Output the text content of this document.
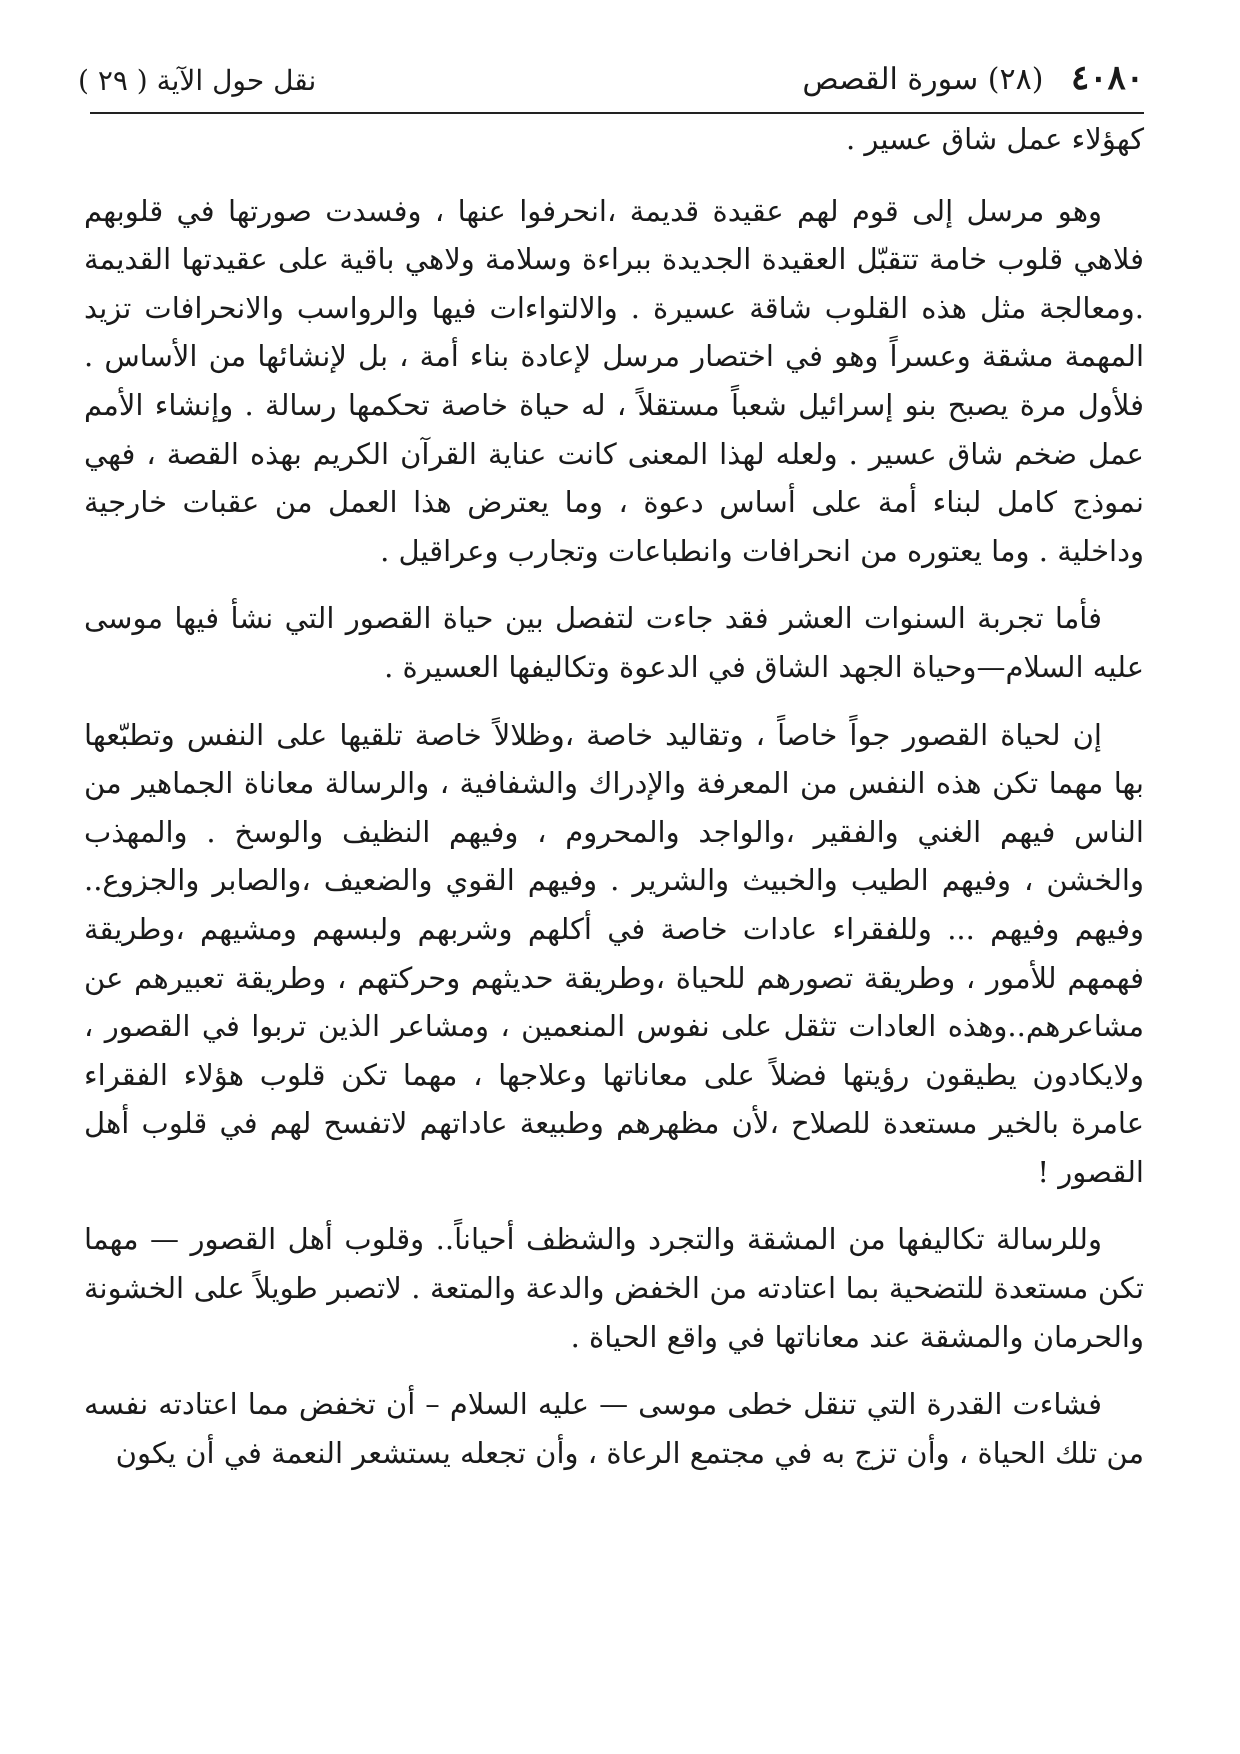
٤٠٨٠ (٢٨) سورة القصص
نقل حول الآية ( ٢٩ )

كهؤلاء عمل شاق عسير .

وهو مرسل إلى قوم لهم عقيدة قديمة ،انحرفوا عنها ، وفسدت صورتها في قلوبهم فلاهي قلوب خامة تتقبّل العقيدة الجديدة ببراءة وسلامة ولاهي باقية على عقيدتها القديمة .ومعالجة مثل هذه القلوب شاقة عسيرة . والالتواءات فيها والرواسب والانحرافات تزيد المهمة مشقة وعسراً وهو في اختصار مرسل لإعادة بناء أمة ، بل لإنشائها من الأساس . فلأول مرة يصبح بنو إسرائيل شعباً مستقلاً ، له حياة خاصة تحكمها رسالة . وإنشاء الأمم عمل ضخم شاق عسير . ولعله لهذا المعنى كانت عناية القرآن الكريم بهذه القصة ، فهي نموذج كامل لبناء أمة على أساس دعوة ، وما يعترض هذا العمل من عقبات خارجية وداخلية . وما يعتوره من انحرافات وانطباعات وتجارب وعراقيل .

فأما تجربة السنوات العشر فقد جاءت لتفصل بين حياة القصور التي نشأ فيها موسى عليه السلام—وحياة الجهد الشاق في الدعوة وتكاليفها العسيرة .

إن لحياة القصور جواً خاصاً ، وتقاليد خاصة ،وظلالاً خاصة تلقيها على النفس وتطبّعها بها مهما تكن هذه النفس من المعرفة والإدراك والشفافية ، والرسالة معاناة الجماهير من الناس فيهم الغني والفقير ،والواجد والمحروم ، وفيهم النظيف والوسخ . والمهذب والخشن ، وفيهم الطيب والخبيث والشرير . وفيهم القوي والضعيف ،والصابر والجزوع.. وفيهم وفيهم ... وللفقراء عادات خاصة في أكلهم وشربهم ولبسهم ومشيهم ،وطريقة فهمهم للأمور ، وطريقة تصورهم للحياة ،وطريقة حديثهم وحركتهم ، وطريقة تعبيرهم عن مشاعرهم..وهذه العادات تثقل على نفوس المنعمين ، ومشاعر الذين تربوا في القصور ، ولايكادون يطيقون رؤيتها فضلاً على معاناتها وعلاجها ، مهما تكن قلوب هؤلاء الفقراء عامرة بالخير مستعدة للصلاح ،لأن مظهرهم وطبيعة عاداتهم لاتفسح لهم في قلوب أهل القصور !

وللرسالة تكاليفها من المشقة والتجرد والشظف أحياناً.. وقلوب أهل القصور — مهما تكن مستعدة للتضحية بما اعتادته من الخفض والدعة والمتعة . لاتصبر طويلاً على الخشونة والحرمان والمشقة عند معاناتها في واقع الحياة .

فشاءت القدرة التي تنقل خطى موسى — عليه السلام – أن تخفض مما اعتادته نفسه من تلك الحياة ، وأن تزج به في مجتمع الرعاة ، وأن تجعله يستشعر النعمة في أن يكون
